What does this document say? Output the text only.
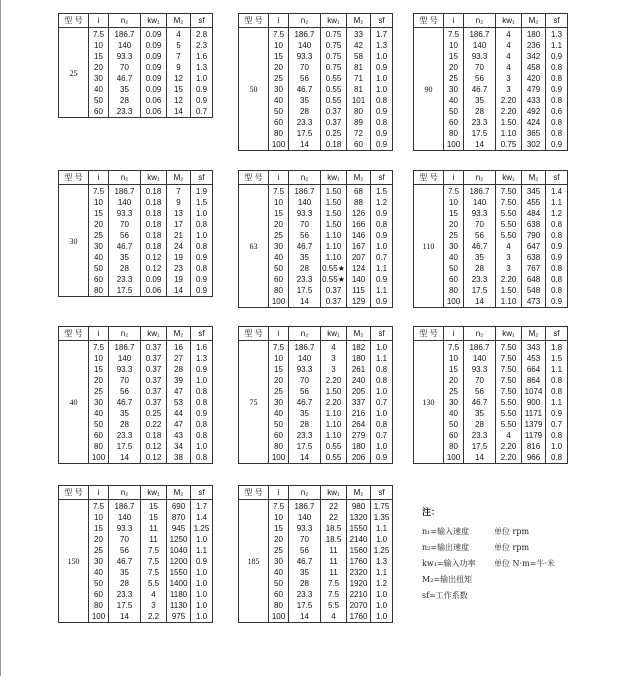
型 号	i	n₂	kw₁	M₂	sf
25	7.5	186.7	0.09	4	2.8
	10	140	0.09	5	2.3
	15	93.3	0.09	7	1.6
	20	70	0.09	9	1.3
	30	46.7	0.09	12	1.0
	40	35	0.09	15	0.9
	50	28	0.06	12	0.9
	60	23.3	0.06	14	0.7
型 号	i	n₂	kw₁	M₂	sf
50	7.5	186.7	0.75	33	1.7
	10	140	0.75	42	1.3
	15	93.3	0.75	58	1.0
	20	70	0.75	81	0.9
	25	56	0.55	71	1.0
	30	46.7	0.55	81	1.0
	40	35	0.55	101	0.8
	50	28	0.37	80	0.9
	60	23.3	0.37	89	0.8
	80	17.5	0.25	72	0.9
	100	14	0.18	60	0.9
型 号	i	n₂	kw₁	M₂	sf
90	7.5	186.7	4	180	1.3
	10	140	4	236	1.1
	15	93.3	4	342	0.9
	20	70	4	458	0.8
	25	56	3	420	0.8
	30	46.7	3	479	0.9
	40	35	2.20	433	0.8
	50	28	2.20	492	0.6
	60	23.3	1.50	424	0.8
	80	17.5	1.10	365	0.8
	100	14	0.75	302	0.9
型 号	i	n₂	kw₁	M₂	sf
30	7.5	186.7	0.18	7	1.9
	10	140	0.18	9	1.5
	15	93.3	0.18	13	1.0
	20	70	0.18	17	0.8
	25	56	0.18	21	1.0
	30	46.7	0.18	24	0.8
	40	35	0.12	19	0.9
	50	28	0.12	23	0.8
	60	23.3	0.09	19	0.9
	80	17.5	0.06	14	0.9
型 号	i	n₂	kw₁	M₂	sf
63	7.5	186.7	1.50	68	1.5
	10	140	1.50	88	1.2
	15	93.3	1.50	126	0.9
	20	70	1.50	166	0.8
	25	56	1.10	146	0.9
	30	46.7	1.10	167	1.0
	40	35	1.10	207	0.7
	50	28	0.55★	124	1.1
	60	23.3	0.55★	140	0.9
	80	17.5	0.37	115	1.1
	100	14	0.37	129	0.9
型 号	i	n₂	kw₁	M₂	sf
110	7.5	186.7	7.50	345	1.4
	10	140	7.50	455	1.1
	15	93.3	5.50	484	1.2
	20	70	5.50	638	0.8
	25	56	5.50	790	0.8
	30	46.7	4	647	0.9
	40	35	3	638	0.9
	50	28	3	767	0.8
	60	23.3	2.20	648	0.8
	80	17.5	1.50	548	0.8
	100	14	1.10	473	0.9
型 号	i	n₂	kw₁	M₂	sf
40	7.5	186.7	0.37	16	1.6
	10	140	0.37	27	1.3
	15	93.3	0.37	28	0.9
	20	70	0.37	39	1.0
	25	56	0.37	47	0.8
	30	46.7	0.37	53	0.8
	40	35	0.25	44	0.9
	50	28	0.22	47	0.8
	60	23.3	0.18	43	0.8
	80	17.5	0.12	34	1.0
	100	14	0.12	38	0.8
型 号	i	n₂	kw₁	M₂	sf
75	7.5	186.7	4	182	1.0
	10	140	3	180	1.1
	15	93.3	3	261	0.8
	20	70	2.20	240	0.8
	25	56	1.50	205	1.0
	30	46.7	2.20	337	0.7
	40	35	1.10	216	1.0
	50	28	1.10	264	0.8
	60	23.3	1.10	279	0.7
	80	17.5	0.55	180	1.0
	100	14	0.55	206	0.9
型 号	i	n₂	kw₁	M₂	sf
130	7.5	186.7	7.50	343	1.8
	10	140	7.50	453	1.5
	15	93.3	7.50	664	1.1
	20	70	7.50	864	0.8
	25	56	7.50	1074	0.8
	30	46.7	5.50	900	1.1
	40	35	5.50	1171	0.9
	50	28	5.50	1379	0.7
	60	23.3	4	1179	0.8
	80	17.5	2.20	816	1.0
	100	14	2.20	966	0.8
型 号	i	n₂	kw₁	M₂	sf
150	7.5	186.7	15	690	1.7
	10	140	15	870	1.4
	15	93.3	11	945	1.25
	20	70	11	1250	1.0
	25	56	7.5	1040	1.1
	30	46.7	7.5	1200	0.9
	40	35	7.5	1550	1.0
	50	28	5.5	1400	1.0
	60	23.3	4	1180	1.0
	80	17.5	3	1130	1.0
	100	14	2.2	975	1.0
型 号	i	n₂	kw₁	M₂	sf
185	7.5	186.7	22	980	1.75
	10	140	22	1320	1.35
	15	93.3	18.5	1550	1.1
	20	70	18.5	2140	1.0
	25	56	11	1560	1.25
	30	46.7	11	1760	1.3
	40	35	11	2320	1.1
	50	28	7.5	1920	1.2
	60	23.3	7.5	2210	1.0
	80	17.5	5.5	2070	1.0
	100	14	4	1760	1.0
注：
n₁=输入速度	单位 rpm
n₂=输出速度	单位 rpm
kw₁=输入功率	单位 N·m=牛·米
M₂=输出扭矩
sf=工作系数
